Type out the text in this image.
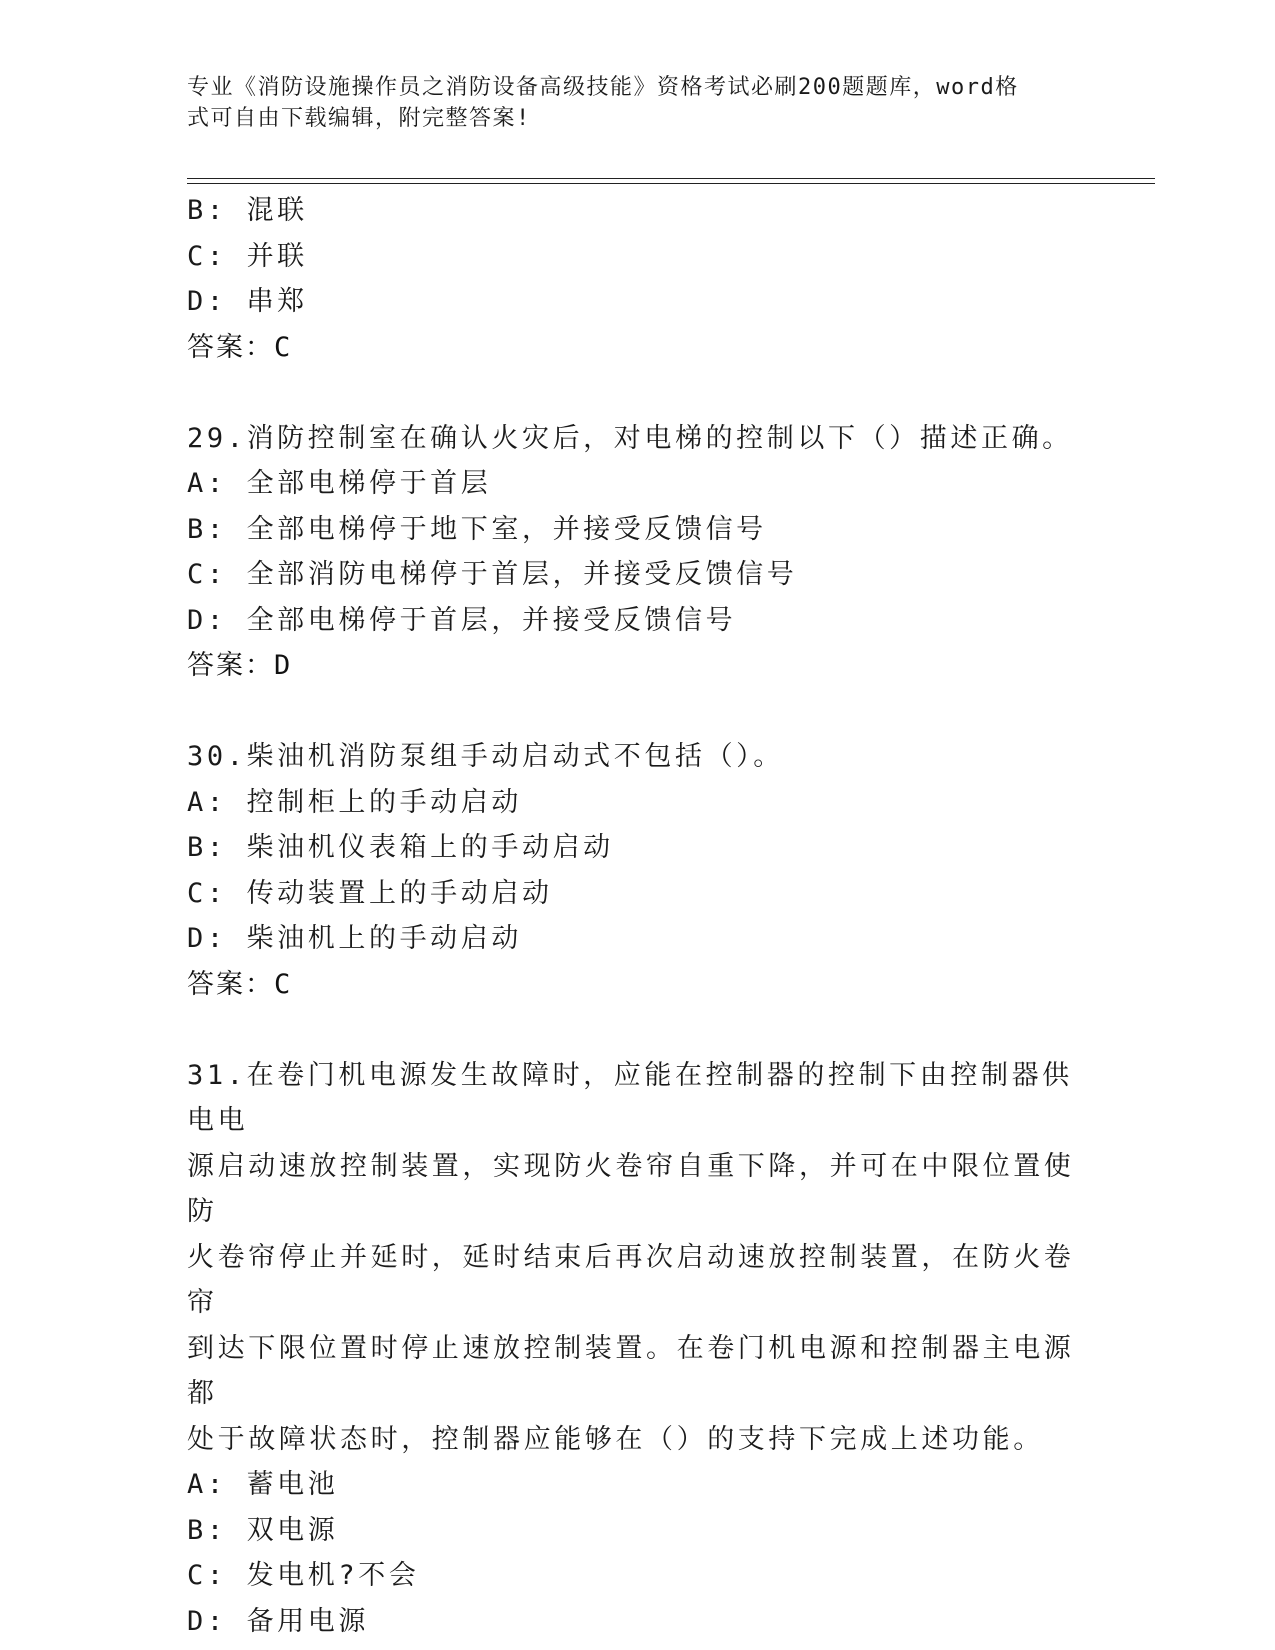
专业《消防设施操作员之消防设备高级技能》资格考试必刷200题题库，word格
式可自由下载编辑，附完整答案!
B: 混联
C: 并联
D: 串郑
答案：C
29.消防控制室在确认火灾后，对电梯的控制以下（）描述正确。
A: 全部电梯停于首层
B: 全部电梯停于地下室，并接受反馈信号
C: 全部消防电梯停于首层，并接受反馈信号
D: 全部电梯停于首层，并接受反馈信号
答案：D
30.柴油机消防泵组手动启动式不包括（）。
A: 控制柜上的手动启动
B: 柴油机仪表箱上的手动启动
C: 传动装置上的手动启动
D: 柴油机上的手动启动
答案：C
31.在卷门机电源发生故障时，应能在控制器的控制下由控制器供电电
源启动速放控制装置，实现防火卷帘自重下降，并可在中限位置使防
火卷帘停止并延时，延时结束后再次启动速放控制装置，在防火卷帘
到达下限位置时停止速放控制装置。在卷门机电源和控制器主电源都
处于故障状态时，控制器应能够在（）的支持下完成上述功能。
A: 蓄电池
B: 双电源
C: 发电机?不会
D: 备用电源
